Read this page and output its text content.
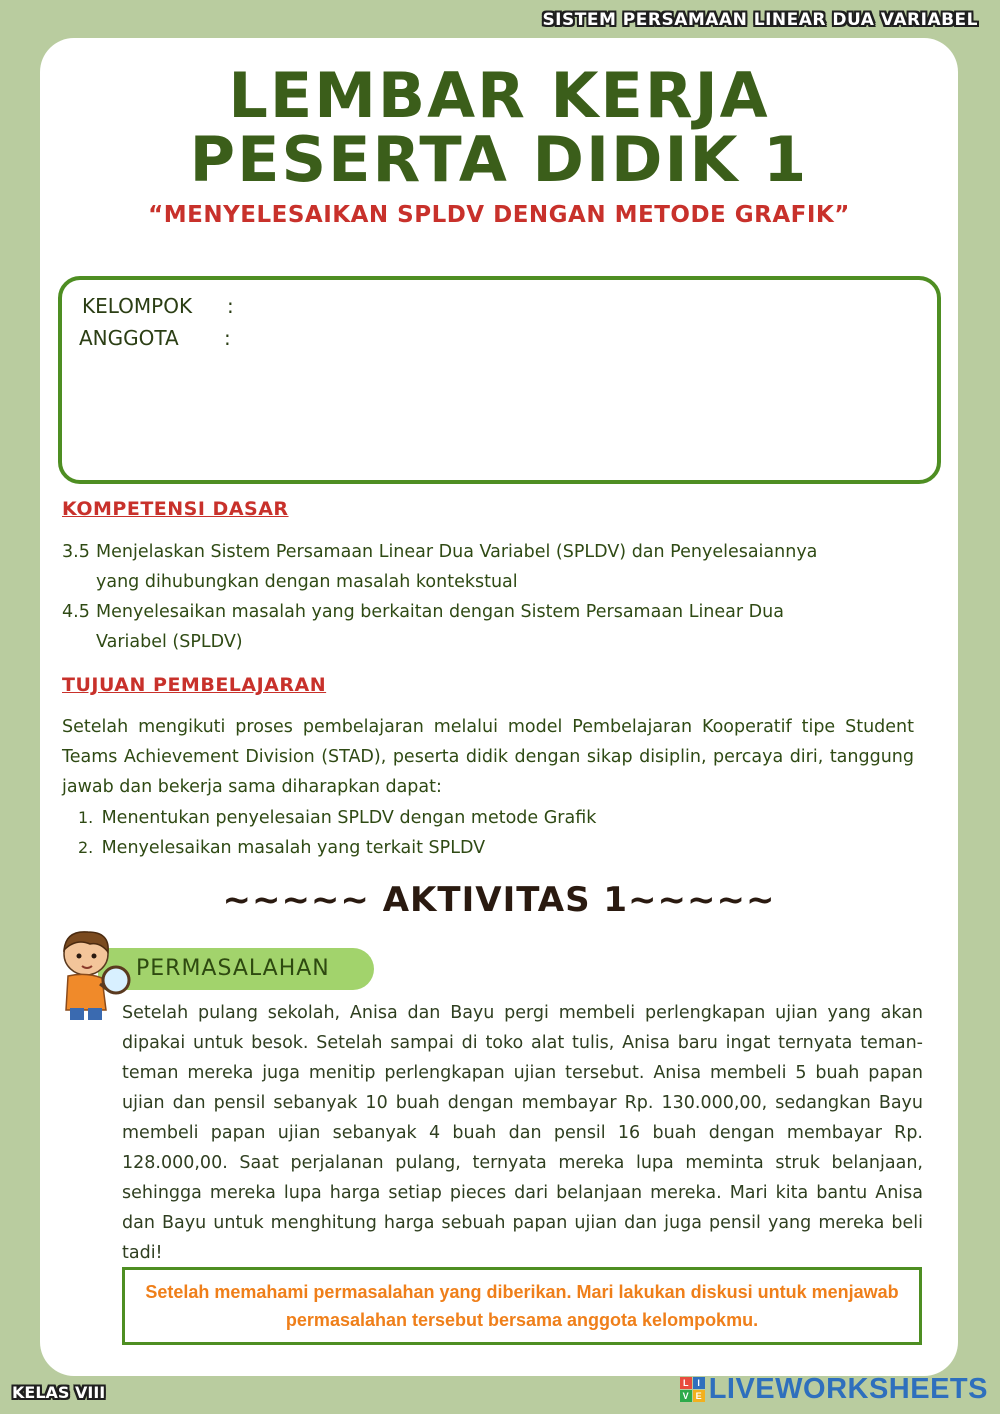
SISTEM PERSAMAAN LINEAR DUA VARIABEL
LEMBAR KERJA
PESERTA DIDIK 1
“MENYELESAIKAN SPLDV DENGAN METODE GRAFIK”
KELOMPOK :
ANGGOTA :
KOMPETENSI DASAR
3.5 Menjelaskan Sistem Persamaan Linear Dua Variabel (SPLDV) dan Penyelesaiannya
yang dihubungkan dengan masalah kontekstual
4.5 Menyelesaikan masalah yang berkaitan dengan Sistem Persamaan Linear Dua
Variabel (SPLDV)
TUJUAN PEMBELAJARAN
Setelah mengikuti proses pembelajaran melalui model Pembelajaran Kooperatif tipe Student Teams Achievement Division (STAD), peserta didik dengan sikap disiplin, percaya diri, tanggung jawab dan bekerja sama diharapkan dapat:
1. Menentukan penyelesaian SPLDV dengan metode Grafik
2. Menyelesaikan masalah yang terkait SPLDV
~~~~~ AKTIVITAS 1~~~~~
PERMASALAHAN
Setelah pulang sekolah, Anisa dan Bayu pergi membeli perlengkapan ujian yang akan dipakai untuk besok. Setelah sampai di toko alat tulis, Anisa baru ingat ternyata teman-teman mereka juga menitip perlengkapan ujian tersebut. Anisa membeli 5 buah papan ujian dan pensil sebanyak 10 buah dengan membayar Rp. 130.000,00, sedangkan Bayu membeli papan ujian sebanyak 4 buah dan pensil 16 buah dengan membayar Rp. 128.000,00. Saat perjalanan pulang, ternyata mereka lupa meminta struk belanjaan, sehingga mereka lupa harga setiap pieces dari belanjaan mereka. Mari kita bantu Anisa dan Bayu untuk menghitung harga sebuah papan ujian dan juga pensil yang mereka beli tadi!
Setelah memahami permasalahan yang diberikan. Mari lakukan diskusi untuk menjawab permasalahan tersebut bersama anggota kelompokmu.
KELAS VIII	L I
V E LIVEWORKSHEETS
